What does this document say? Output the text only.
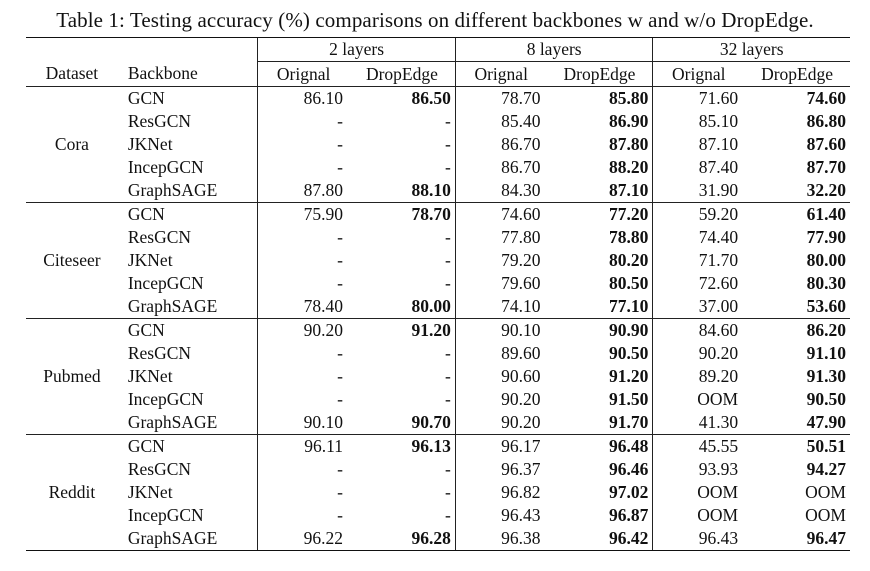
Table 1: Testing accuracy (%) comparisons on different backbones w and w/o DropEdge.
		2 layers		8 layers		32 layers	
Dataset	Backbone	Orignal	DropEdge	Orignal	DropEdge	Orignal	DropEdge
Cora	GCN	86.10	86.50	78.70	85.80	71.60	74.60
	ResGCN	-	-	85.40	86.90	85.10	86.80
	JKNet	-	-	86.70	87.80	87.10	87.60
	IncepGCN	-	-	86.70	88.20	87.40	87.70
	GraphSAGE	87.80	88.10	84.30	87.10	31.90	32.20
Citeseer	GCN	75.90	78.70	74.60	77.20	59.20	61.40
	ResGCN	-	-	77.80	78.80	74.40	77.90
	JKNet	-	-	79.20	80.20	71.70	80.00
	IncepGCN	-	-	79.60	80.50	72.60	80.30
	GraphSAGE	78.40	80.00	74.10	77.10	37.00	53.60
Pubmed	GCN	90.20	91.20	90.10	90.90	84.60	86.20
	ResGCN	-	-	89.60	90.50	90.20	91.10
	JKNet	-	-	90.60	91.20	89.20	91.30
	IncepGCN	-	-	90.20	91.50	OOM	90.50
	GraphSAGE	90.10	90.70	90.20	91.70	41.30	47.90
Reddit	GCN	96.11	96.13	96.17	96.48	45.55	50.51
	ResGCN	-	-	96.37	96.46	93.93	94.27
	JKNet	-	-	96.82	97.02	OOM	OOM
	IncepGCN	-	-	96.43	96.87	OOM	OOM
	GraphSAGE	96.22	96.28	96.38	96.42	96.43	96.47
